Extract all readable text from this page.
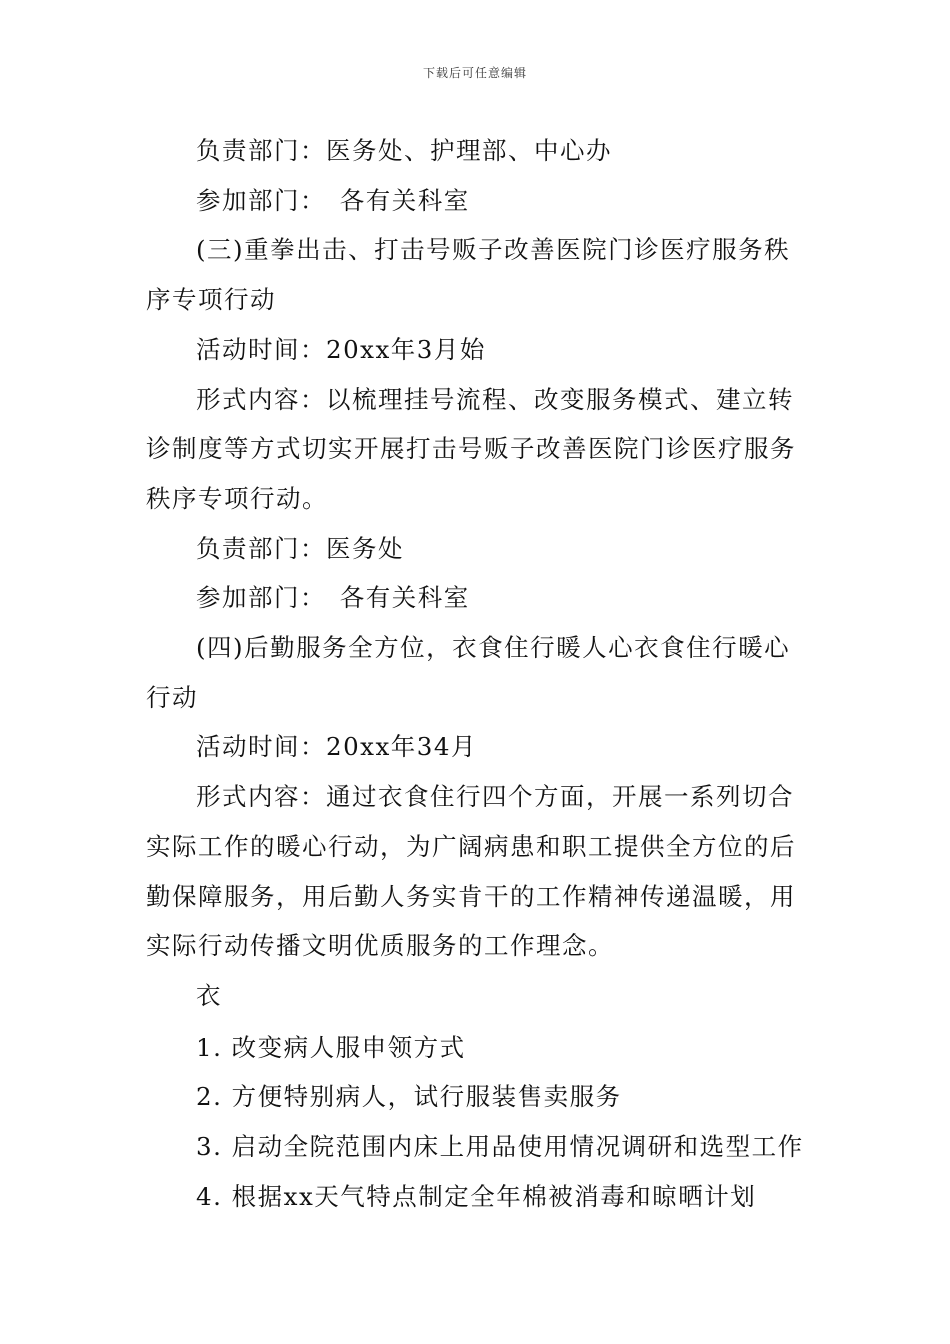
下载后可任意编辑

负责部门：医务处、护理部、中心办

参加部门：　各有关科室

(三)重拳出击、打击号贩子改善医院门诊医疗服务秩序专项行动

活动时间：20xx年3月始

形式内容：以梳理挂号流程、改变服务模式、建立转诊制度等方式切实开展打击号贩子改善医院门诊医疗服务秩序专项行动。

负责部门：医务处

参加部门：　各有关科室

(四)后勤服务全方位，衣食住行暖人心衣食住行暖心行动

活动时间：20xx年34月

形式内容：通过衣食住行四个方面，开展一系列切合实际工作的暖心行动，为广阔病患和职工提供全方位的后勤保障服务，用后勤人务实肯干的工作精神传递温暖，用实际行动传播文明优质服务的工作理念。

衣

1. 改变病人服申领方式

2. 方便特别病人，试行服装售卖服务

3. 启动全院范围内床上用品使用情况调研和选型工作

4. 根据xx天气特点制定全年棉被消毒和晾晒计划
